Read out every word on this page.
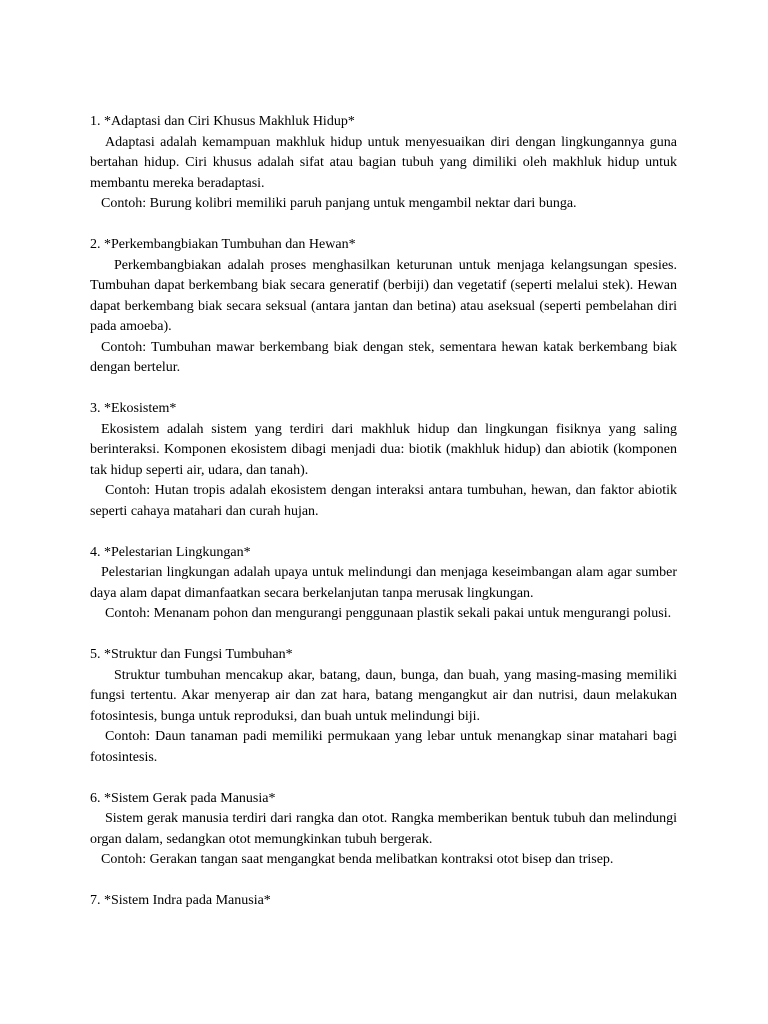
1. *Adaptasi dan Ciri Khusus Makhluk Hidup*

Adaptasi adalah kemampuan makhluk hidup untuk menyesuaikan diri dengan lingkungannya guna bertahan hidup. Ciri khusus adalah sifat atau bagian tubuh yang dimiliki oleh makhluk hidup untuk membantu mereka beradaptasi.

Contoh: Burung kolibri memiliki paruh panjang untuk mengambil nektar dari bunga.

2. *Perkembangbiakan Tumbuhan dan Hewan*

Perkembangbiakan adalah proses menghasilkan keturunan untuk menjaga kelangsungan spesies. Tumbuhan dapat berkembang biak secara generatif (berbiji) dan vegetatif (seperti melalui stek). Hewan dapat berkembang biak secara seksual (antara jantan dan betina) atau aseksual (seperti pembelahan diri pada amoeba).

Contoh: Tumbuhan mawar berkembang biak dengan stek, sementara hewan katak berkembang biak dengan bertelur.

3. *Ekosistem*

Ekosistem adalah sistem yang terdiri dari makhluk hidup dan lingkungan fisiknya yang saling berinteraksi. Komponen ekosistem dibagi menjadi dua: biotik (makhluk hidup) dan abiotik (komponen tak hidup seperti air, udara, dan tanah).

Contoh: Hutan tropis adalah ekosistem dengan interaksi antara tumbuhan, hewan, dan faktor abiotik seperti cahaya matahari dan curah hujan.

4. *Pelestarian Lingkungan*

Pelestarian lingkungan adalah upaya untuk melindungi dan menjaga keseimbangan alam agar sumber daya alam dapat dimanfaatkan secara berkelanjutan tanpa merusak lingkungan.

Contoh: Menanam pohon dan mengurangi penggunaan plastik sekali pakai untuk mengurangi polusi.

5. *Struktur dan Fungsi Tumbuhan*

Struktur tumbuhan mencakup akar, batang, daun, bunga, dan buah, yang masing-masing memiliki fungsi tertentu. Akar menyerap air dan zat hara, batang mengangkut air dan nutrisi, daun melakukan fotosintesis, bunga untuk reproduksi, dan buah untuk melindungi biji.

Contoh: Daun tanaman padi memiliki permukaan yang lebar untuk menangkap sinar matahari bagi fotosintesis.

6. *Sistem Gerak pada Manusia*

Sistem gerak manusia terdiri dari rangka dan otot. Rangka memberikan bentuk tubuh dan melindungi organ dalam, sedangkan otot memungkinkan tubuh bergerak.

Contoh: Gerakan tangan saat mengangkat benda melibatkan kontraksi otot bisep dan trisep.

7. *Sistem Indra pada Manusia*
